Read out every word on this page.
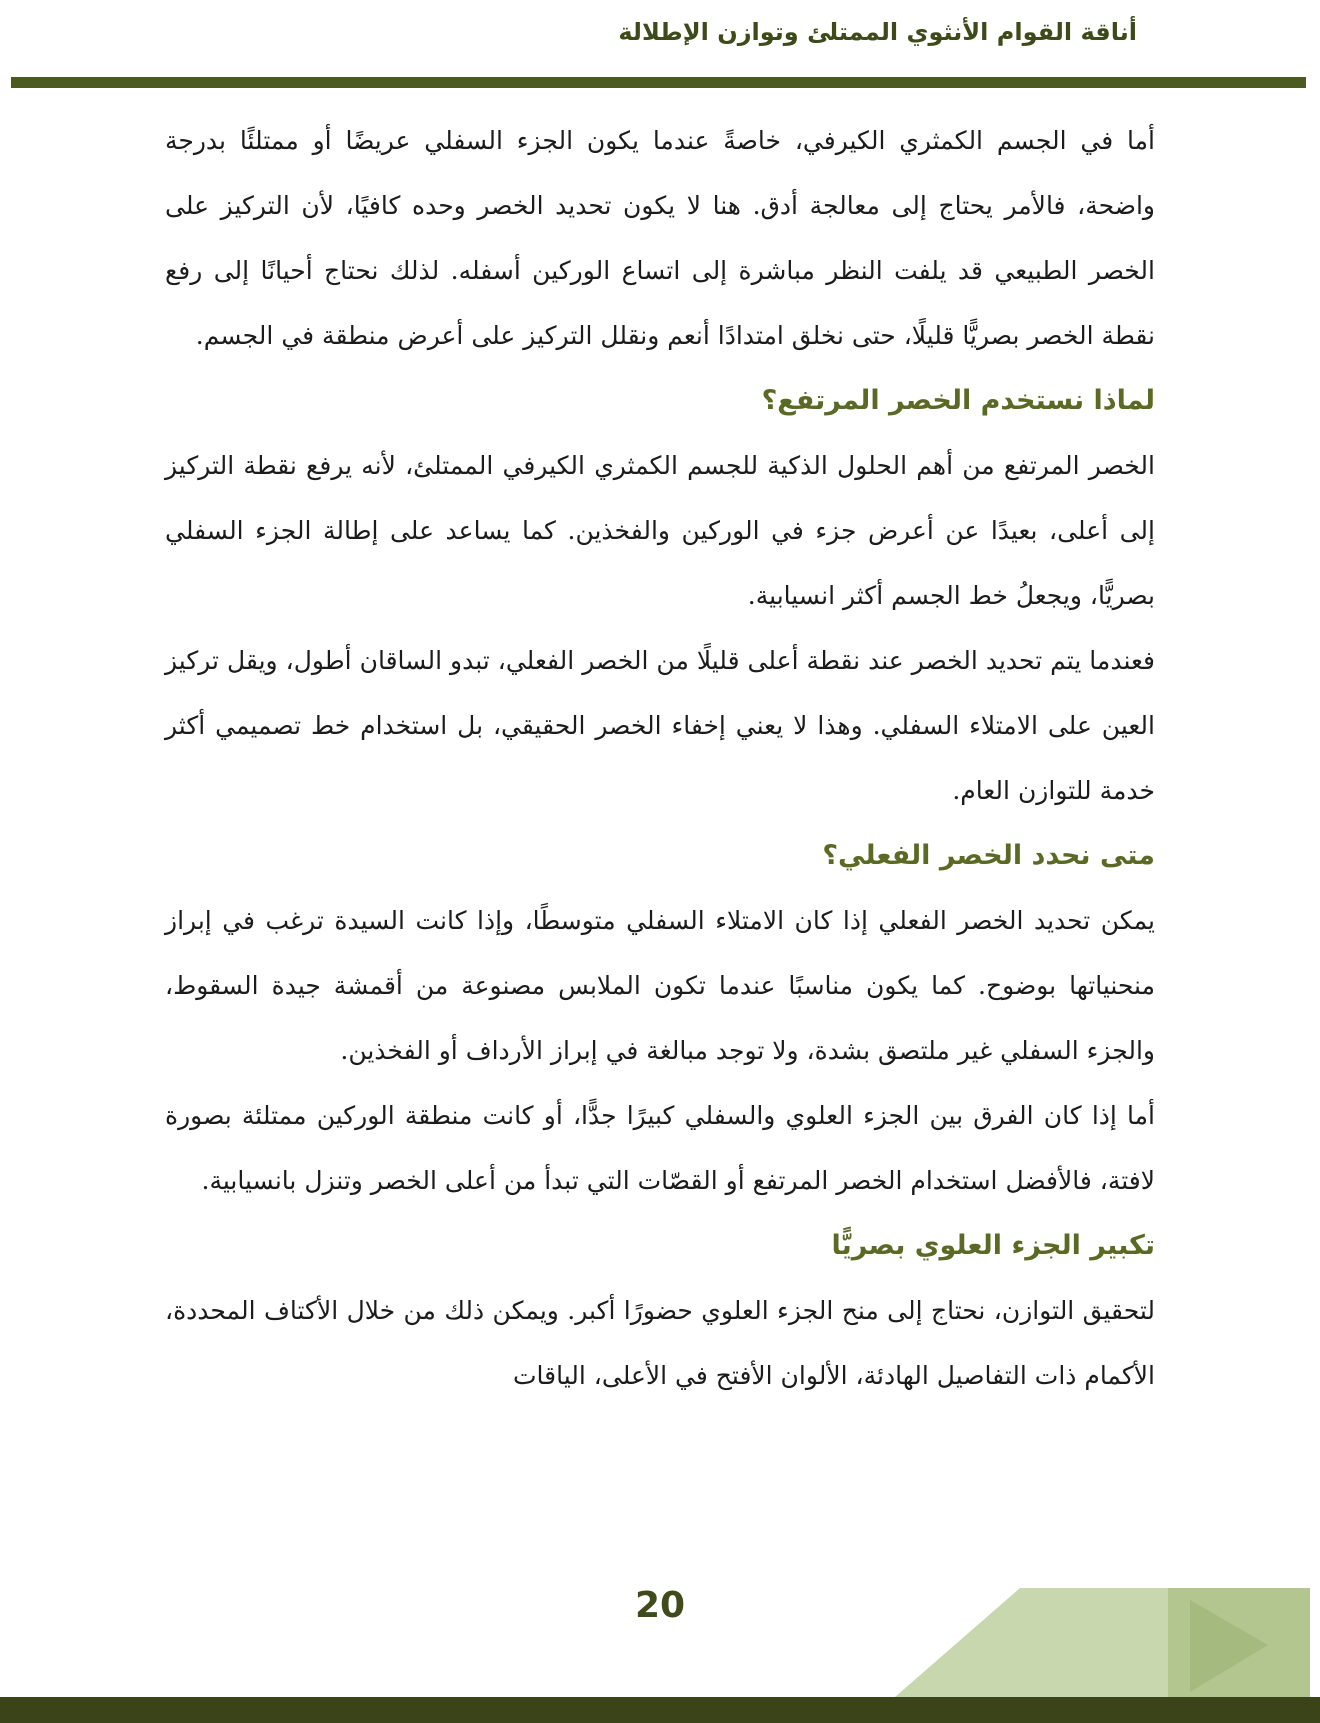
أناقة القوام الأنثوي الممتلئ وتوازن الإطلالة

أما في الجسم الكمثري الكيرفي، خاصةً عندما يكون الجزء السفلي عريضًا أو ممتلئًا بدرجة واضحة، فالأمر يحتاج إلى معالجة أدق. هنا لا يكون تحديد الخصر وحده كافيًا، لأن التركيز على الخصر الطبيعي قد يلفت النظر مباشرة إلى اتساع الوركين أسفله. لذلك نحتاج أحيانًا إلى رفع نقطة الخصر بصريًّا قليلًا، حتى نخلق امتدادًا أنعم ونقلل التركيز على أعرض منطقة في الجسم.

لماذا نستخدم الخصر المرتفع؟

الخصر المرتفع من أهم الحلول الذكية للجسم الكمثري الكيرفي الممتلئ، لأنه يرفع نقطة التركيز إلى أعلى، بعيدًا عن أعرض جزء في الوركين والفخذين. كما يساعد على إطالة الجزء السفلي بصريًّا، ويجعلُ خط الجسم أكثر انسيابية.

فعندما يتم تحديد الخصر عند نقطة أعلى قليلًا من الخصر الفعلي، تبدو الساقان أطول، ويقل تركيز العين على الامتلاء السفلي. وهذا لا يعني إخفاء الخصر الحقيقي، بل استخدام خط تصميمي أكثر خدمة للتوازن العام.

متى نحدد الخصر الفعلي؟

يمكن تحديد الخصر الفعلي إذا كان الامتلاء السفلي متوسطًا، وإذا كانت السيدة ترغب في إبراز منحنياتها بوضوح. كما يكون مناسبًا عندما تكون الملابس مصنوعة من أقمشة جيدة السقوط، والجزء السفلي غير ملتصق بشدة، ولا توجد مبالغة في إبراز الأرداف أو الفخذين.

أما إذا كان الفرق بين الجزء العلوي والسفلي كبيرًا جدًّا، أو كانت منطقة الوركين ممتلئة بصورة لافتة، فالأفضل استخدام الخصر المرتفع أو القصّات التي تبدأ من أعلى الخصر وتنزل بانسيابية.

تكبير الجزء العلوي بصريًّا

لتحقيق التوازن، نحتاج إلى منح الجزء العلوي حضورًا أكبر. ويمكن ذلك من خلال الأكتاف المحددة، الأكمام ذات التفاصيل الهادئة، الألوان الأفتح في الأعلى، الياقات

20
